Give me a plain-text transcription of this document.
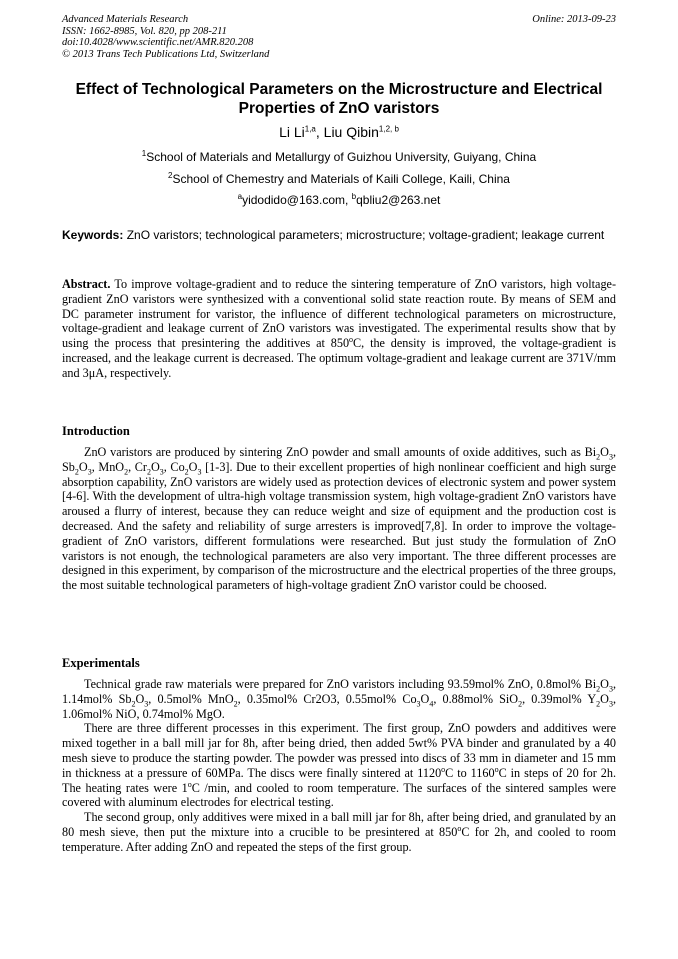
Advanced Materials Research
ISSN: 1662-8985, Vol. 820, pp 208-211
doi:10.4028/www.scientific.net/AMR.820.208
© 2013 Trans Tech Publications Ltd, Switzerland
Online: 2013-09-23
Effect of Technological Parameters on the Microstructure and Electrical
Properties of ZnO varistors
Li Li$^{1,a}$, Liu Qibin$^{1,2, b}$
$^1$School of Materials and Metallurgy of Guizhou University, Guiyang, China
$^2$School of Chemestry and Materials of Kaili College, Kaili, China
$^a$yidodido@163.com, $^b$qbliu2@263.net
Keywords: ZnO varistors; technological parameters; microstructure; voltage-gradient; leakage current
Abstract. To improve voltage-gradient and to reduce the sintering temperature of ZnO varistors, high voltage-gradient ZnO varistors were synthesized with a conventional solid state reaction route. By means of SEM and DC parameter instrument for varistor, the influence of different technological parameters on microstructure, voltage-gradient and leakage current of ZnO varistors was investigated. The experimental results show that by using the process that presintering the additives at 850$^o$C, the density is improved, the voltage-gradient is increased, and the leakage current is decreased. The optimum voltage-gradient and leakage current are 371V/mm and 3μA, respectively.
Introduction
ZnO varistors are produced by sintering ZnO powder and small amounts of oxide additives, such as $Bi_2O_3$, $Sb_2O_3$, MnO$_2$, $Cr_2O_3$, $Co_2O_3$ [1-3]. Due to their excellent properties of high nonlinear coefficient and high surge absorption capability, ZnO varistors are widely used as protection devices of electronic system and power system [4-6]. With the development of ultra-high voltage transmission system, high voltage-gradient ZnO varistors have aroused a flurry of interest, because they can reduce weight and size of equipment and the production cost is decreased. And the safety and reliability of surge arresters is improved[7,8]. In order to improve the voltage-gradient of ZnO varistors, different formulations were researched. But just study the formulation of ZnO varistors is not enough, the technological parameters are also very important. The three different processes are designed in this experiment, by comparison of the microstructure and the electrical properties of the three groups, the most suitable technological parameters of high-voltage gradient ZnO varistor could be choosed.
Experimentals

Technical grade raw materials were prepared for ZnO varistors including 93.59mol% ZnO, 0.8mol% $Bi_2O_3$, 1.14mol% $Sb_2O_3$, 0.5mol% MnO$_2$, 0.35mol% Cr2O3, 0.55mol% $Co_3O_4$, 0.88mol% SiO$_2$, 0.39mol% $Y_2O_3$, 1.06mol% NiO, 0.74mol% MgO.

There are three different processes in this experiment. The first group, ZnO powders and additives were mixed together in a ball mill jar for 8h, after being dried, then added 5wt% PVA binder and granulated by a 40 mesh sieve to produce the starting powder. The powder was pressed into discs of 33 mm in diameter and 15 mm in thickness at a pressure of 60MPa. The discs were finally sintered at 1120$^o$C to 1160$^o$C in steps of 20 for 2h. The heating rates were 1$^o$C /min, and cooled to room temperature. The surfaces of the sintered samples were covered with aluminum electrodes for electrical testing.

The second group, only additives were mixed in a ball mill jar for 8h, after being dried, and granulated by an 80 mesh sieve, then put the mixture into a crucible to be presintered at 850$^o$C for 2h, and cooled to room temperature. After adding ZnO and repeated the steps of the first group.
